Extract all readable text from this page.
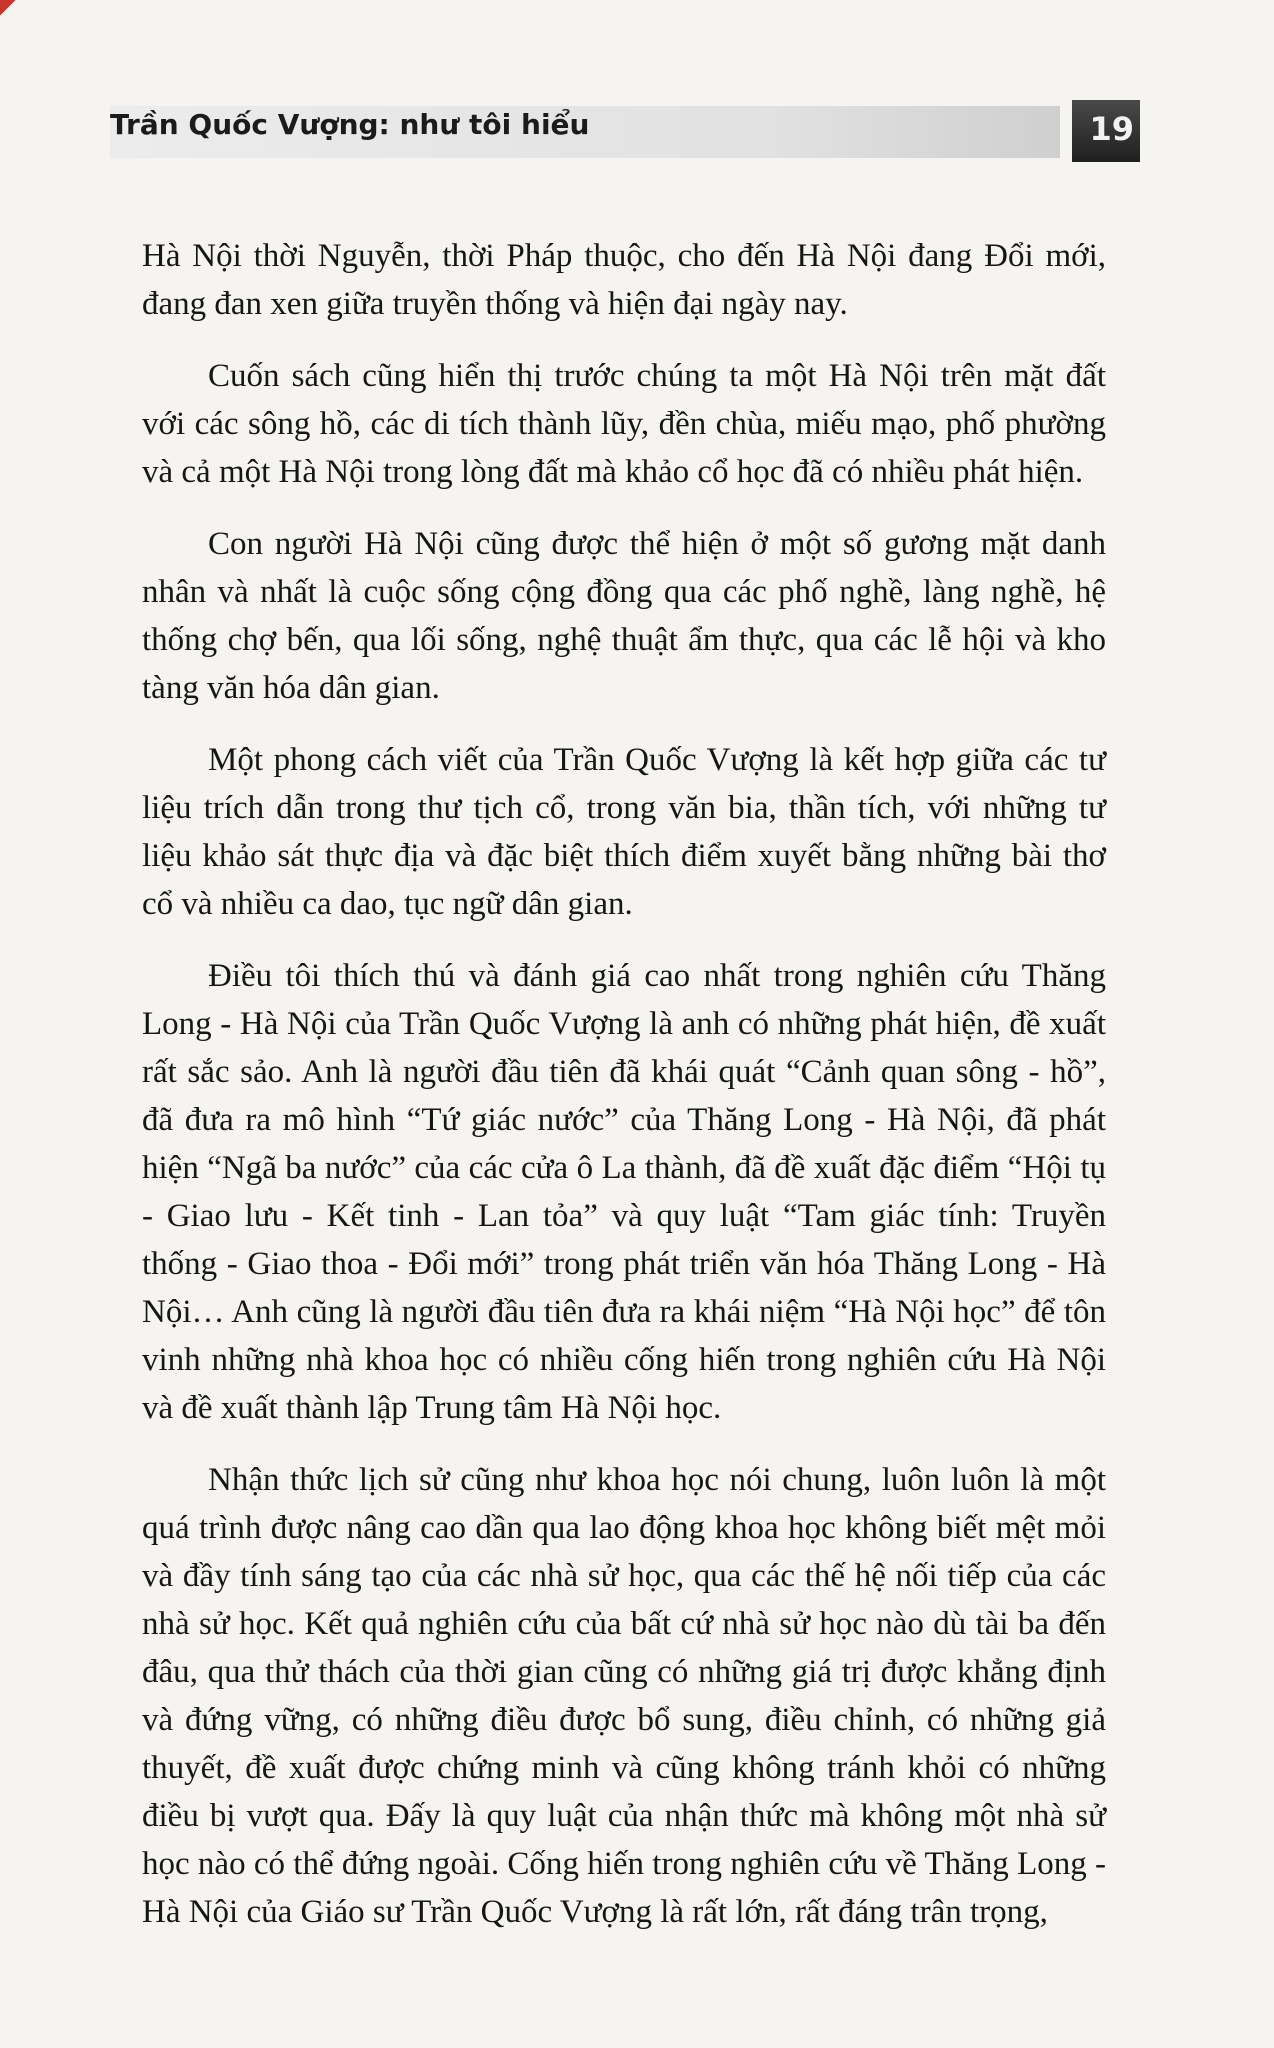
Trần Quốc Vượng: như tôi hiểu	19

Hà Nội thời Nguyễn, thời Pháp thuộc, cho đến Hà Nội đang Đổi mới, đang đan xen giữa truyền thống và hiện đại ngày nay.

Cuốn sách cũng hiển thị trước chúng ta một Hà Nội trên mặt đất với các sông hồ, các di tích thành lũy, đền chùa, miếu mạo, phố phường và cả một Hà Nội trong lòng đất mà khảo cổ học đã có nhiều phát hiện.

Con người Hà Nội cũng được thể hiện ở một số gương mặt danh nhân và nhất là cuộc sống cộng đồng qua các phố nghề, làng nghề, hệ thống chợ bến, qua lối sống, nghệ thuật ẩm thực, qua các lễ hội và kho tàng văn hóa dân gian.

Một phong cách viết của Trần Quốc Vượng là kết hợp giữa các tư liệu trích dẫn trong thư tịch cổ, trong văn bia, thần tích, với những tư liệu khảo sát thực địa và đặc biệt thích điểm xuyết bằng những bài thơ cổ và nhiều ca dao, tục ngữ dân gian.

Điều tôi thích thú và đánh giá cao nhất trong nghiên cứu Thăng Long - Hà Nội của Trần Quốc Vượng là anh có những phát hiện, đề xuất rất sắc sảo. Anh là người đầu tiên đã khái quát “Cảnh quan sông - hồ”, đã đưa ra mô hình “Tứ giác nước” của Thăng Long - Hà Nội, đã phát hiện “Ngã ba nước” của các cửa ô La thành, đã đề xuất đặc điểm “Hội tụ - Giao lưu - Kết tinh - Lan tỏa” và quy luật “Tam giác tính: Truyền thống - Giao thoa - Đổi mới” trong phát triển văn hóa Thăng Long - Hà Nội… Anh cũng là người đầu tiên đưa ra khái niệm “Hà Nội học” để tôn vinh những nhà khoa học có nhiều cống hiến trong nghiên cứu Hà Nội và đề xuất thành lập Trung tâm Hà Nội học.

Nhận thức lịch sử cũng như khoa học nói chung, luôn luôn là một quá trình được nâng cao dần qua lao động khoa học không biết mệt mỏi và đầy tính sáng tạo của các nhà sử học, qua các thế hệ nối tiếp của các nhà sử học. Kết quả nghiên cứu của bất cứ nhà sử học nào dù tài ba đến đâu, qua thử thách của thời gian cũng có những giá trị được khẳng định và đứng vững, có những điều được bổ sung, điều chỉnh, có những giả thuyết, đề xuất được chứng minh và cũng không tránh khỏi có những điều bị vượt qua. Đấy là quy luật của nhận thức mà không một nhà sử học nào có thể đứng ngoài. Cống hiến trong nghiên cứu về Thăng Long - Hà Nội của Giáo sư Trần Quốc Vượng là rất lớn, rất đáng trân trọng,
